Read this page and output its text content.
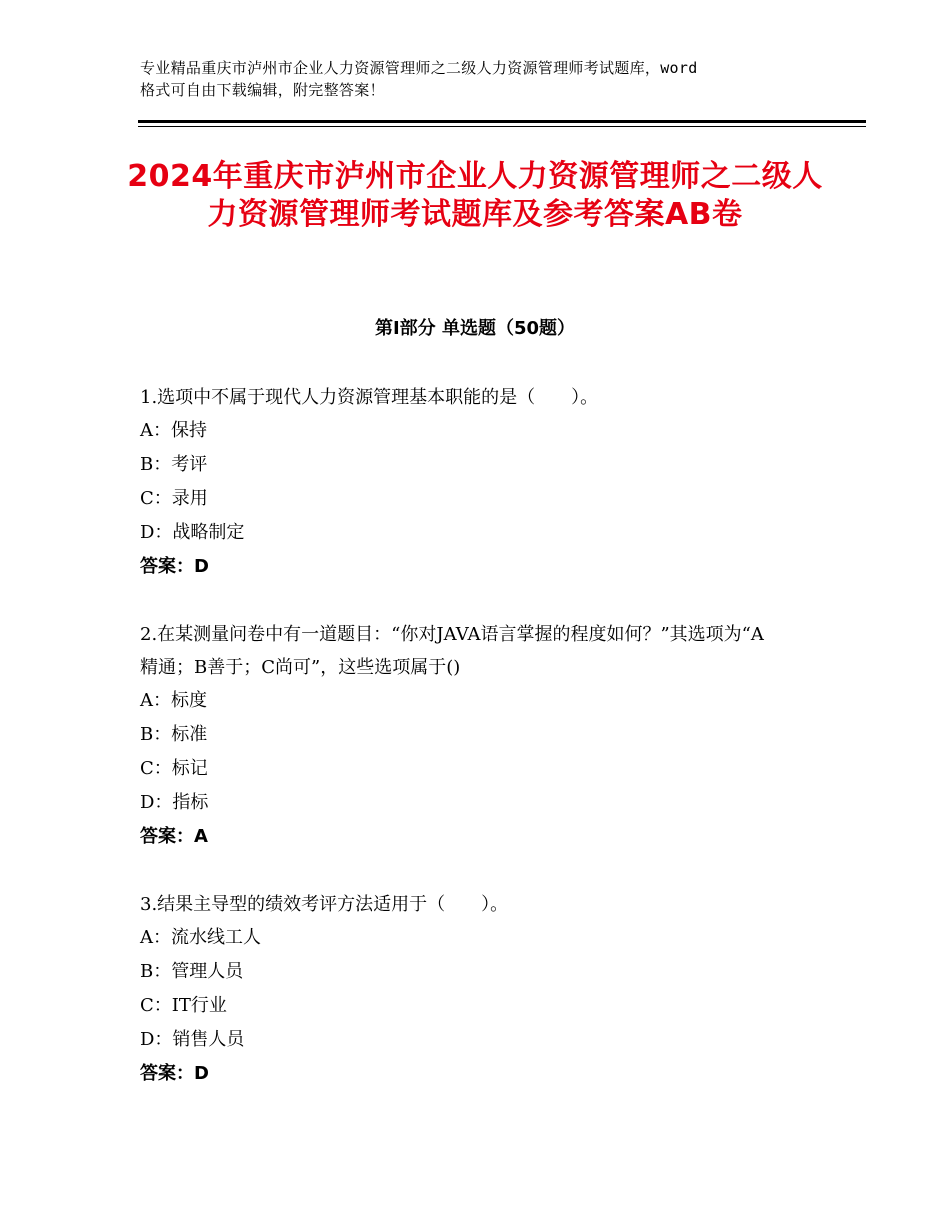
专业精品重庆市泸州市企业人力资源管理师之二级人力资源管理师考试题库，word
格式可自由下载编辑，附完整答案！
2024年重庆市泸州市企业人力资源管理师之二级人力资源管理师考试题库及参考答案AB卷
第Ⅰ部分 单选题（50题）

1.选项中不属于现代人力资源管理基本职能的是（　　）。

A：保持

B：考评

C：录用

D：战略制定

答案：D

2.在某测量问卷中有一道题目：“你对JAVA语言掌握的程度如何？”其选项为“A精通；B善于；C尚可”，这些选项属于()

A：标度

B：标准

C：标记

D：指标

答案：A

3.结果主导型的绩效考评方法适用于（　　）。

A：流水线工人

B：管理人员

C：IT行业

D：销售人员

答案：D
